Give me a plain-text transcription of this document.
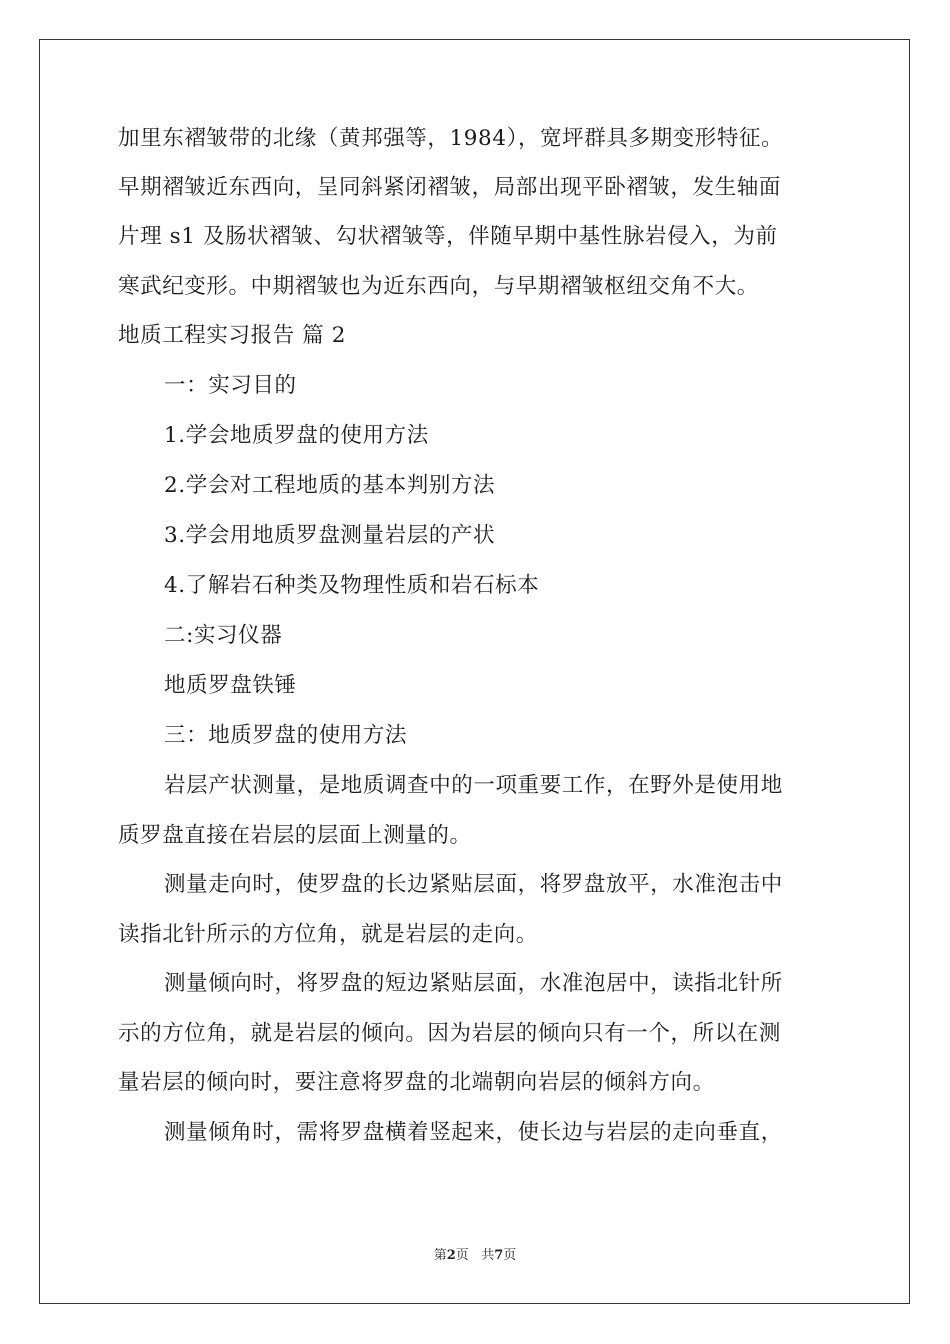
加里东褶皱带的北缘（黄邦强等，1984），宽坪群具多期变形特征。
早期褶皱近东西向，呈同斜紧闭褶皱，局部出现平卧褶皱，发生轴面
片理 s1 及肠状褶皱、勾状褶皱等，伴随早期中基性脉岩侵入，为前
寒武纪变形。中期褶皱也为近东西向，与早期褶皱枢纽交角不大。
地质工程实习报告 篇 2
一：实习目的
1.学会地质罗盘的使用方法
2.学会对工程地质的基本判别方法
3.学会用地质罗盘测量岩层的产状
4.了解岩石种类及物理性质和岩石标本
二:实习仪器
地质罗盘铁锤
三：地质罗盘的使用方法
岩层产状测量，是地质调查中的一项重要工作，在野外是使用地
质罗盘直接在岩层的层面上测量的。
测量走向时，使罗盘的长边紧贴层面，将罗盘放平，水准泡击中
读指北针所示的方位角，就是岩层的走向。
测量倾向时，将罗盘的短边紧贴层面，水准泡居中，读指北针所
示的方位角，就是岩层的倾向。因为岩层的倾向只有一个，所以在测
量岩层的倾向时，要注意将罗盘的北端朝向岩层的倾斜方向。
测量倾角时，需将罗盘横着竖起来，使长边与岩层的走向垂直，
第2页 共7页
